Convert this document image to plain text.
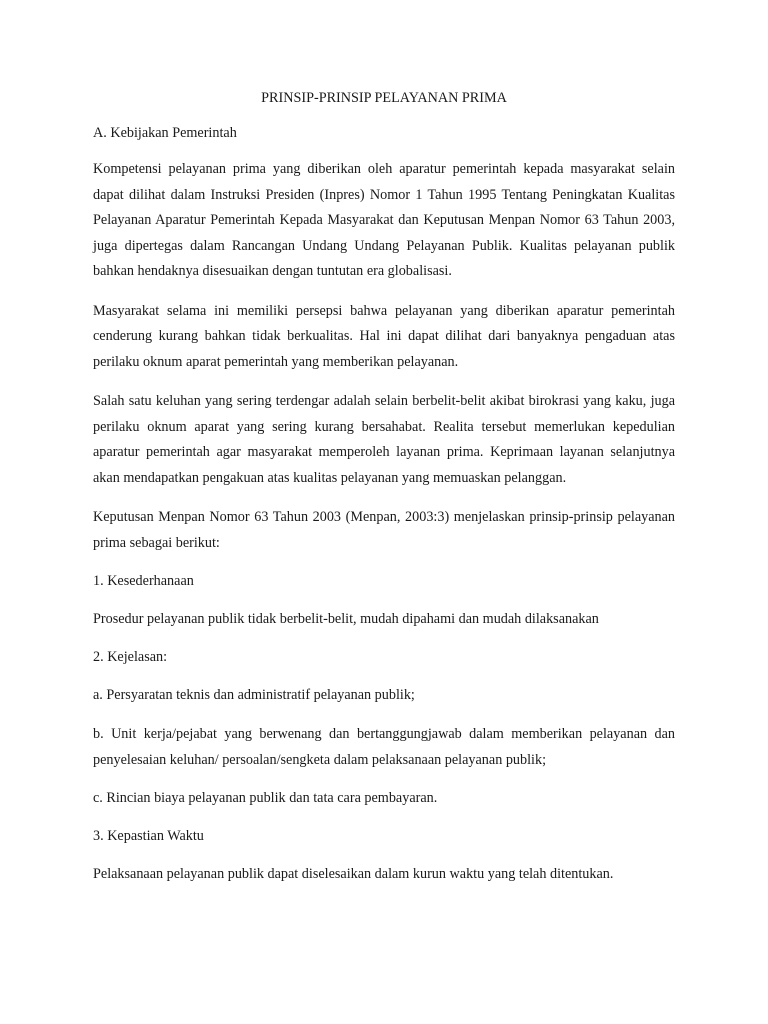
PRINSIP-PRINSIP PELAYANAN PRIMA
A. Kebijakan Pemerintah

Kompetensi pelayanan prima yang diberikan oleh aparatur pemerintah kepada masyarakat selain dapat dilihat dalam Instruksi Presiden (Inpres) Nomor 1 Tahun 1995 Tentang Peningkatan Kualitas Pelayanan Aparatur Pemerintah Kepada Masyarakat dan Keputusan Menpan Nomor 63 Tahun 2003, juga dipertegas dalam Rancangan Undang Undang Pelayanan Publik. Kualitas pelayanan publik bahkan hendaknya disesuaikan dengan tuntutan era globalisasi.

Masyarakat selama ini memiliki persepsi bahwa pelayanan yang diberikan aparatur pemerintah cenderung kurang bahkan tidak berkualitas. Hal ini dapat dilihat dari banyaknya pengaduan atas perilaku oknum aparat pemerintah yang memberikan pelayanan.

Salah satu keluhan yang sering terdengar adalah selain berbelit-belit akibat birokrasi yang kaku, juga perilaku oknum aparat yang sering kurang bersahabat. Realita tersebut memerlukan kepedulian aparatur pemerintah agar masyarakat memperoleh layanan prima. Keprimaan layanan selanjutnya akan mendapatkan pengakuan atas kualitas pelayanan yang memuaskan pelanggan.

Keputusan Menpan Nomor 63 Tahun 2003 (Menpan, 2003:3) menjelaskan prinsip-prinsip pelayanan prima sebagai berikut:

1. Kesederhanaan

Prosedur pelayanan publik tidak berbelit-belit, mudah dipahami dan mudah dilaksanakan

2. Kejelasan:

a. Persyaratan teknis dan administratif pelayanan publik;

b. Unit kerja/pejabat yang berwenang dan bertanggungjawab dalam memberikan pelayanan dan penyelesaian keluhan/ persoalan/sengketa dalam pelaksanaan pelayanan publik;

c. Rincian biaya pelayanan publik dan tata cara pembayaran.

3. Kepastian Waktu

Pelaksanaan pelayanan publik dapat diselesaikan dalam kurun waktu yang telah ditentukan.
